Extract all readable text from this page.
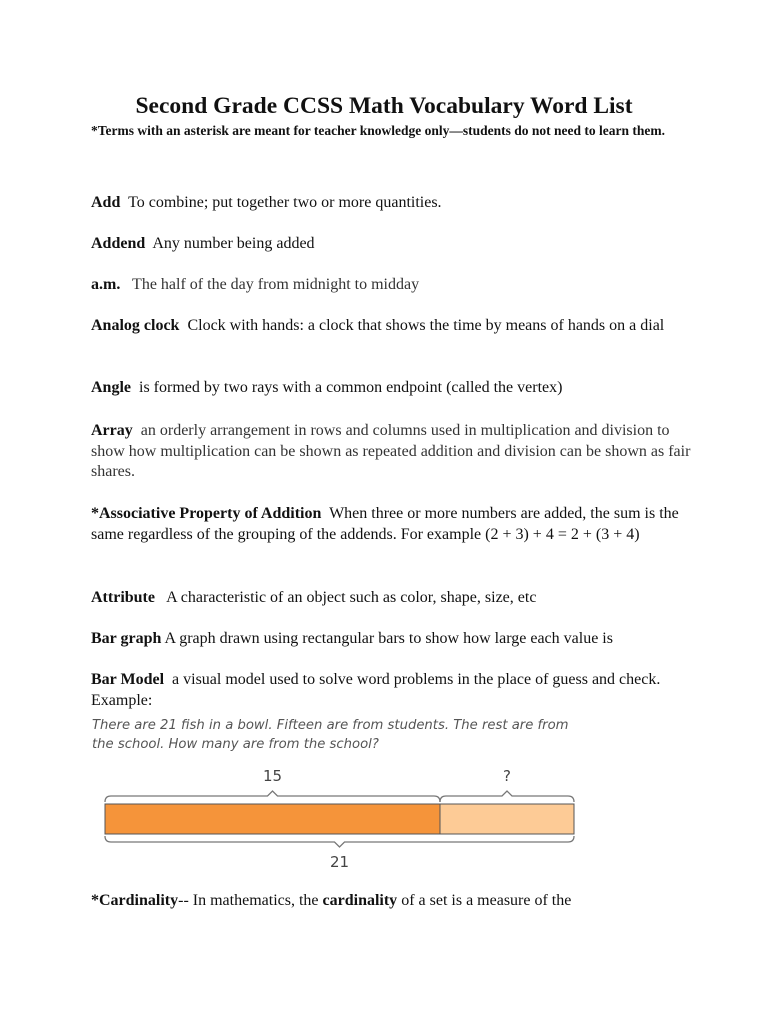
Second Grade CCSS Math Vocabulary Word List
*Terms with an asterisk are meant for teacher knowledge only—students do not need to learn them.
Add To combine; put together two or more quantities.
Addend Any number being added
a.m. The half of the day from midnight to midday
Analog clock Clock with hands: a clock that shows the time by means of hands on a dial
Angle is formed by two rays with a common endpoint (called the vertex)
Array an orderly arrangement in rows and columns used in multiplication and division to show how multiplication can be shown as repeated addition and division can be shown as fair shares.
*Associative Property of Addition When three or more numbers are added, the sum is the same regardless of the grouping of the addends. For example (2 + 3) + 4 = 2 + (3 + 4)
Attribute A characteristic of an object such as color, shape, size, etc
Bar graph A graph drawn using rectangular bars to show how large each value is
Bar Model a visual model used to solve word problems in the place of guess and check. Example:
There are 21 fish in a bowl. Fifteen are from students. The rest are from
the school. How many are from the school?
15	?
21
*Cardinality-- In mathematics, the cardinality of a set is a measure of the
